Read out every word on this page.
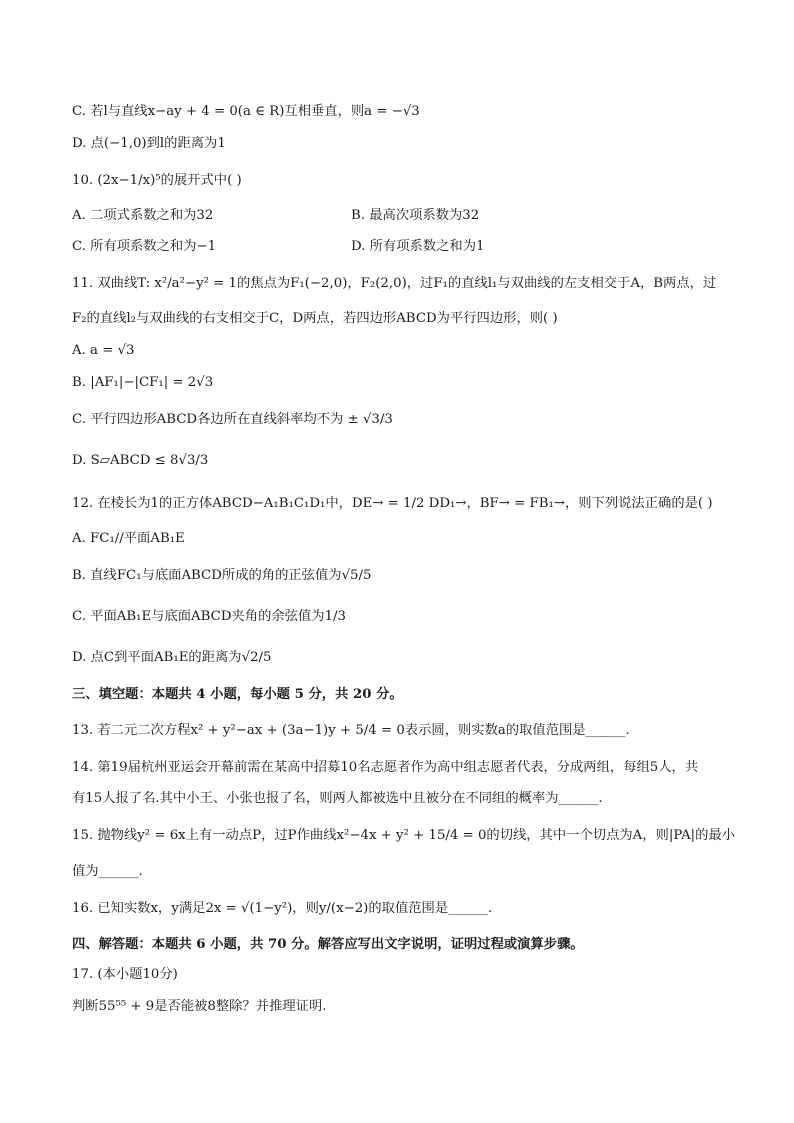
C. 若l与直线x−ay + 4 = 0(a ∈ R)互相垂直，则a = −√3
D. 点(−1,0)到l的距离为1
10. (2x−1/x)⁵的展开式中( )
A. 二项式系数之和为32	B. 最高次项系数为32
C. 所有项系数之和为−1	D. 所有项系数之和为1
11. 双曲线T: x²/a²−y² = 1的焦点为F₁(−2,0)，F₂(2,0)，过F₁的直线l₁与双曲线的左支相交于A，B两点，过
F₂的直线l₂与双曲线的右支相交于C，D两点，若四边形ABCD为平行四边形，则( )
A. a = √3
B. |AF₁|−|CF₁| = 2√3
C. 平行四边形ABCD各边所在直线斜率均不为 ± √3/3
D. S▱ABCD ≤ 8√3/3
12. 在棱长为1的正方体ABCD−A₁B₁C₁D₁中，DE→ = 1/2 DD₁→，BF→ = FB₁→，则下列说法正确的是( )
A. FC₁//平面AB₁E
B. 直线FC₁与底面ABCD所成的角的正弦值为√5/5
C. 平面AB₁E与底面ABCD夹角的余弦值为1/3
D. 点C到平面AB₁E的距离为√2/5
三、填空题：本题共 4 小题，每小题 5 分，共 20 分。
13. 若二元二次方程x² + y²−ax + (3a−1)y + 5/4 = 0表示圆，则实数a的取值范围是______.
14. 第19届杭州亚运会开幕前需在某高中招募10名志愿者作为高中组志愿者代表，分成两组，每组5人，共
有15人报了名.其中小王、小张也报了名，则两人都被选中且被分在不同组的概率为______.
15. 抛物线y² = 6x上有一动点P，过P作曲线x²−4x + y² + 15/4 = 0的切线，其中一个切点为A，则|PA|的最小
值为______.
16. 已知实数x，y满足2x = √(1−y²)，则y/(x−2)的取值范围是______.
四、解答题：本题共 6 小题，共 70 分。解答应写出文字说明，证明过程或演算步骤。
17. (本小题10分)
判断55⁵⁵ + 9是否能被8整除？并推理证明.
